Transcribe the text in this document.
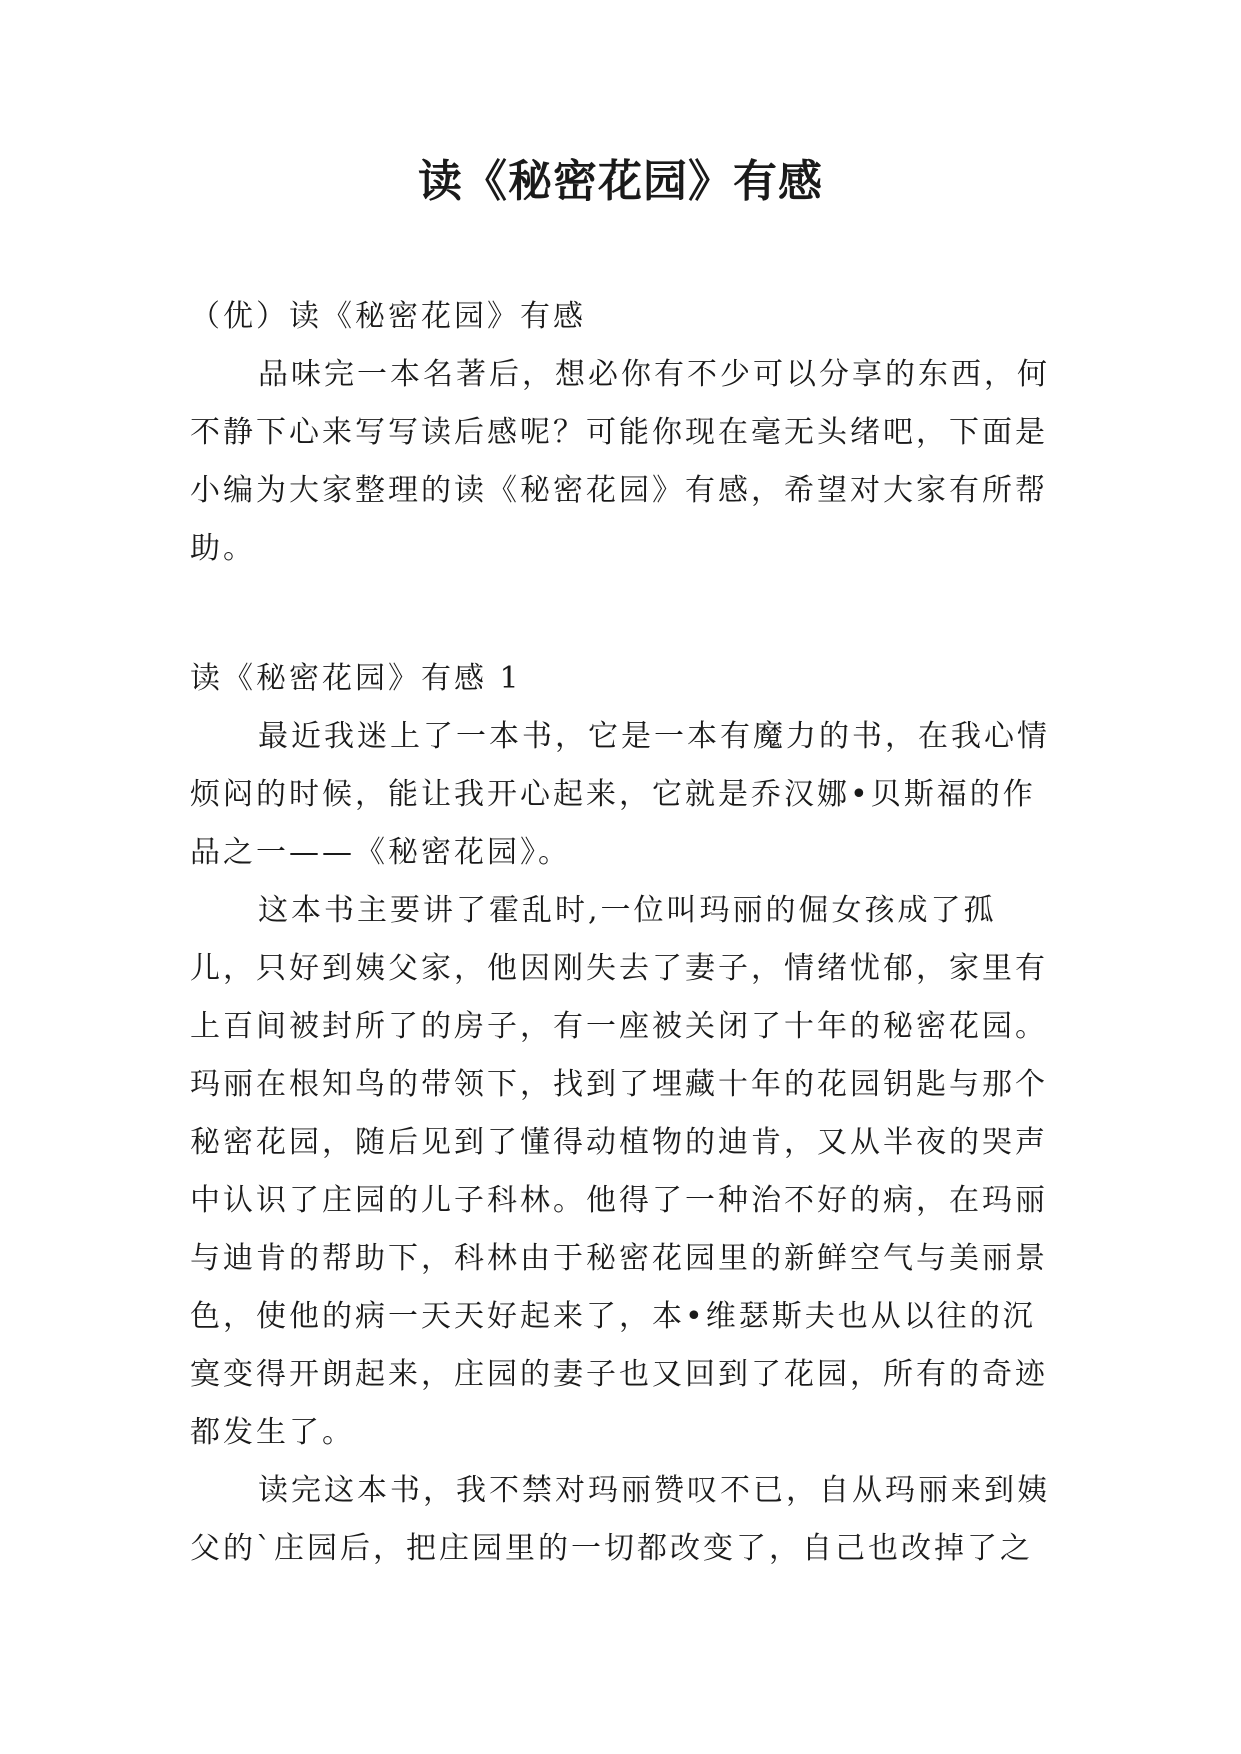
读《秘密花园》有感

（优）读《秘密花园》有感

品味完一本名著后，想必你有不少可以分享的东西，何不静下心来写写读后感呢？可能你现在毫无头绪吧，下面是小编为大家整理的读《秘密花园》有感，希望对大家有所帮助。

读《秘密花园》有感 1

最近我迷上了一本书，它是一本有魔力的书，在我心情烦闷的时候，能让我开心起来，它就是乔汉娜•贝斯福的作品之一——《秘密花园》。

这本书主要讲了霍乱时,一位叫玛丽的倔女孩成了孤儿，只好到姨父家，他因刚失去了妻子，情绪忧郁，家里有上百间被封所了的房子，有一座被关闭了十年的秘密花园。玛丽在根知鸟的带领下，找到了埋藏十年的花园钥匙与那个秘密花园，随后见到了懂得动植物的迪肯，又从半夜的哭声中认识了庄园的儿子科林。他得了一种治不好的病，在玛丽与迪肯的帮助下，科林由于秘密花园里的新鲜空气与美丽景色，使他的病一天天好起来了，本•维瑟斯夫也从以往的沉寞变得开朗起来，庄园的妻子也又回到了花园，所有的奇迹都发生了。

读完这本书，我不禁对玛丽赞叹不已，自从玛丽来到姨父的`庄园后，把庄园里的一切都改变了，自己也改掉了之
